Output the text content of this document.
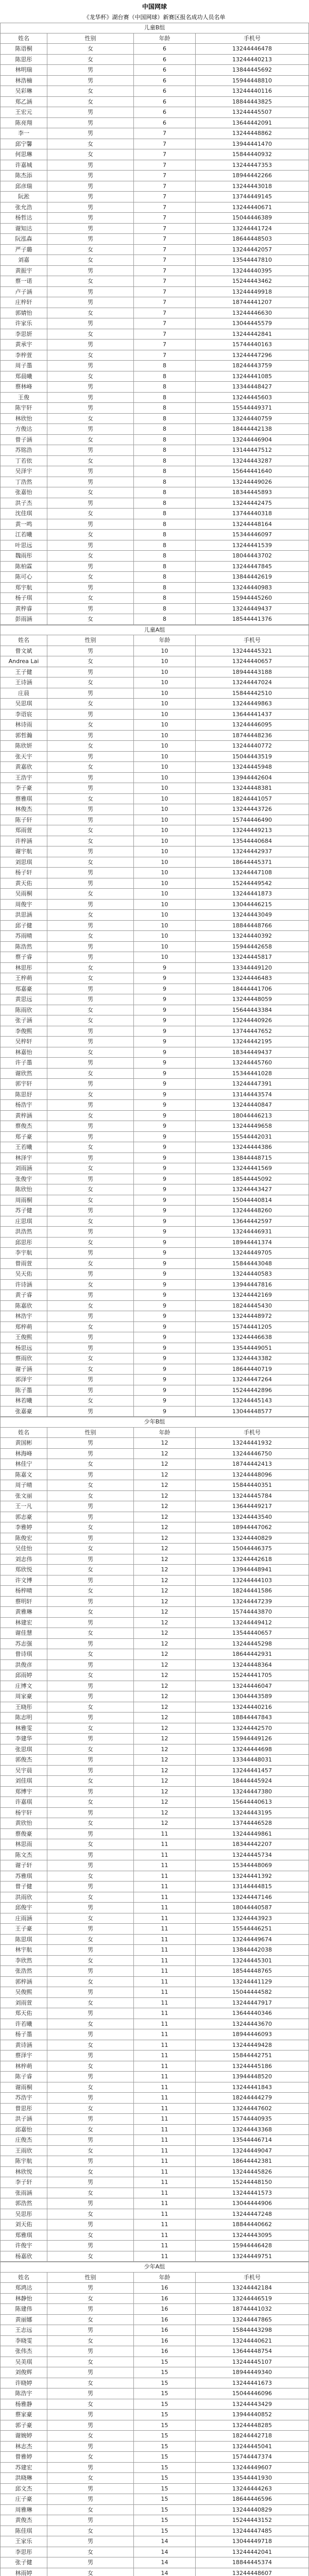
中国网球
《龙华杯》湖台赛（中国网球）新赛区报名成功人员名单
儿童B组
姓名	性别	年龄	手机号
陈语桐	女	6	13244446478
陈思彤	女	6	13244440213
林明瑞	男	6	13844445692
林浩楠	男	6	15944448810
吴彩琳	女	6	13244440116
郑乙涵	女	6	18844443825
王宏元	男	6	13244445507
陈亮翔	男	6	13644442091
李一	男	7	13244448862
邱宁馨	女	7	13944441470
何思琳	女	7	15844440932
许嘉城	男	7	13244447353
陈杰添	男	7	18944442266
邱彦瑞	男	7	13244443018
阮淞	男	7	13744449145
张允浩	男	7	13244440671
杨哲达	男	7	15044446389
谢知达	男	7	13244441724
阮泓森	男	7	18644448503
严子璐	女	7	13244442057
刘嘉	女	7	13544447810
黄振宇	男	7	13244440395
蔡一诺	女	7	15244443462
卢子涵	男	7	13244449918
庄梓轩	男	7	18744441207
郭婧怡	女	7	13244446630
许家乐	男	7	13044445579
李思妍	女	7	13244442841
黄承宇	男	7	15744440163
李梓萱	女	7	13244447296
周子墨	男	8	18244443759
郑晨曦	女	8	13244441085
蔡林峰	男	8	13344448427
王俊	男	8	13244445603
陈宇轩	男	8	15544449371
林欣怡	女	8	13244440759
方俊达	男	8	18444442138
曾子涵	女	8	13244446904
苏铭浩	男	8	13144447512
丁若依	女	8	13244443287
吴泽宇	男	8	15644441640
丁浩然	男	8	13244449026
张嘉怡	女	8	18344445893
洪子杰	男	8	13244442475
沈佳琪	女	8	13744440318
黄一鸣	男	8	13244448164
江若曦	女	8	15344446097
叶思远	男	8	13244441539
魏雨彤	女	8	18044443702
陈柏霖	男	8	13244447845
陈可心	女	8	13844442619
郑宇航	男	8	13244440983
杨子琪	女	8	15944445260
黄梓睿	男	8	13244449437
彭雨涵	女	8	18544441376
儿童A组
姓名	性别	年龄	手机号
曾文斌	男	10	13244445321
Andrea Lai	女	10	13244440657
王子健	男	10	18944443188
王诗涵	女	10	13244447024
庄晨	男	10	15844442510
吴思琪	女	10	13244449863
李语宸	男	10	13644441437
林诗雨	女	10	13244446095
郭哲瀚	男	10	18744448236
陈欣妍	女	10	13244440772
张天宇	男	10	15044443519
黄嘉欣	女	10	13244445948
王浩宇	男	10	13944442604
李子豪	男	10	13244448381
蔡雅琪	女	10	18244441057
林俊杰	男	10	13244443726
陈子轩	男	10	15744446490
郑雨萱	女	10	13244449213
许梓涵	女	10	13544440684
谢宇航	男	10	13244442937
刘思琪	女	10	18644445371
杨子轩	男	10	13244447108
黄天佑	男	10	15244449542
吴雨桐	女	10	13244441873
周俊宇	男	10	13044446215
洪思涵	女	10	13244443049
邱子健	男	10	18844448766
苏雨晴	女	10	13244440392
陈浩然	男	10	15944442658
蔡子睿	男	10	13244445817
林思彤	女	9	13344449120
王梓萌	女	9	13244446483
郑嘉豪	男	9	18444441706
黄思远	男	9	13244448059
陈雨欣	女	9	15644443384
张子涵	女	9	13244440926
李俊熙	男	9	13744447652
吴梓轩	男	9	13244442195
林嘉怡	女	9	18344449437
许子墨	男	9	13244445760
谢欣然	女	9	15344441028
郭宇轩	男	9	13244447391
陈思妤	女	9	13144443574
杨浩宇	男	9	13244440847
黄梓涵	女	9	18044446213
蔡俊杰	男	9	13244449658
郑子豪	男	9	15544442031
王若曦	女	9	13244444386
林泽宇	男	9	13844448715
刘雨涵	女	9	13244441569
张俊宇	男	9	18544445092
陈欣怡	女	9	13244443427
周雨桐	女	9	15044440814
苏子健	男	9	13244448260
庄思琪	女	9	13644442597
洪浩然	男	9	13244446931
邱思彤	女	9	18944441374
李宇航	男	9	13244449705
曾雨萱	女	9	15844443048
吴天佑	男	9	13244440583
许诗涵	女	9	13944447816
黄子睿	男	9	13244442169
陈嘉欣	女	9	18244445430
林浩宇	男	9	13244448972
郑梓萌	女	9	15744441205
王俊熙	男	9	13244446638
杨思远	男	9	13544449051
蔡雨欣	女	9	13244443382
谢子涵	女	9	18644440719
郭泽宇	男	9	13244447264
陈子墨	男	9	15244442896
林若曦	女	9	13244445143
张嘉豪	男	9	13044448577
少年B组
姓名	性别	年龄	手机号
黄国彬	男	12	13244441932
林海峰	男	12	13244446750
林佳宁	女	12	18744442413
陈嘉文	男	12	13244448096
周子晴	女	12	15844440351
张文丽	女	12	13244445784
王一凡	男	12	13644449217
郭志豪	男	12	13244443540
李雅婷	女	12	18944447062
陈俊宏	男	12	13244440829
吴佳怡	女	12	15044446375
刘志伟	男	12	13244442618
郑欣悦	女	12	13944448941
许文博	男	12	13244444103
杨梓晴	女	12	18244441586
蔡明轩	男	12	13244447239
黄雅琳	女	12	15744443870
林建宏	男	12	13244449412
谢佳慧	女	12	13544440657
苏志强	男	12	13244445298
曾诗琪	女	12	18644442931
洪俊彦	男	12	13244448364
邱雨婷	女	12	15244441705
庄博文	男	12	13244446047
周家豪	男	12	13044443589
王晓彤	女	12	13244440216
陈志明	男	12	18844447843
林雅雯	女	12	13244442570
李建华	男	12	15944449126
张思琪	女	12	13244444698
郭俊杰	男	12	13344448031
吴宇晨	男	12	13244441457
刘佳琪	女	12	18444445924
郑博宇	男	12	13244447380
许嘉琪	女	12	15644440613
杨宇轩	男	12	13244443195
黄欣怡	女	12	13744446528
蔡俊豪	男	11	13244449861
林思雨	女	11	18344442207
陈文杰	男	11	13244445734
谢子轩	男	11	15344448069
苏雅琪	女	11	13244441392
曾子健	男	11	13144444815
洪雨欣	女	11	13244447146
邱俊宇	男	11	18044440587
庄雨涵	女	11	13244443923
王子豪	男	11	15544446251
陈思琪	女	11	13244449674
林宇航	男	11	13844442038
李欣然	女	11	13244445301
张浩然	男	11	18544448765
郭梓涵	女	11	13244441129
吴俊熙	男	11	15044444582
刘雨萱	女	11	13244447917
郑天佑	男	11	13644440346
许若曦	女	11	13244443670
杨子墨	男	11	18944446093
黄诗涵	女	11	13244449428
蔡泽宇	男	11	15844442751
林梓萌	女	11	13244445186
陈子睿	男	11	13944448520
谢雨桐	女	11	13244441843
苏浩宇	男	11	18244444279
曾思彤	女	11	13244447602
洪子涵	男	11	15744440935
邱嘉怡	女	11	13244443368
庄俊杰	男	11	13544446714
王雨欣	女	11	13244449047
陈宇航	男	11	18644442381
林欣悦	女	11	13244445826
李子轩	男	11	15244448150
张雨涵	女	11	13244441573
郭浩然	男	11	13044444906
吴思彤	女	11	13244447248
刘天佑	男	11	18844440662
郑雅琪	女	11	13244443095
许俊宇	男	11	15944446428
杨嘉欣	女	11	13244449751
少年A组
姓名	性别	年龄	手机号
郑鸿达	男	16	13244442184
林静怡	女	16	13244446519
陈建伟	男	16	18744441032
黄丽娜	女	16	13244447865
王志远	男	16	15844443298
李晓雯	女	16	13244440621
张伟杰	男	16	13644448754
吴美琪	女	15	13244445107
刘俊辉	男	15	18944449340
许晓婷	女	15	13244441673
陈浩宇	男	15	15044446096
杨雅静	女	15	13244443429
蔡家豪	男	15	13944440852
郭子豪	男	15	13244448285
谢婉婷	女	15	18244442718
林志杰	男	15	13244445041
曾雅婷	女	15	15744447374
苏建宏	男	15	13244449607
洪晓琳	女	15	13544441930
邱文杰	男	15	13244444263
庄子豪	男	15	18644446596
周雅琳	女	15	13244440829
黄俊杰	男	15	15244443152
陈佳琪	女	15	13244447485
王家乐	男	14	13044449718
李思彤	女	14	13244442041
张子健	男	14	18844445374
林雨婷	女	14	13244448607
